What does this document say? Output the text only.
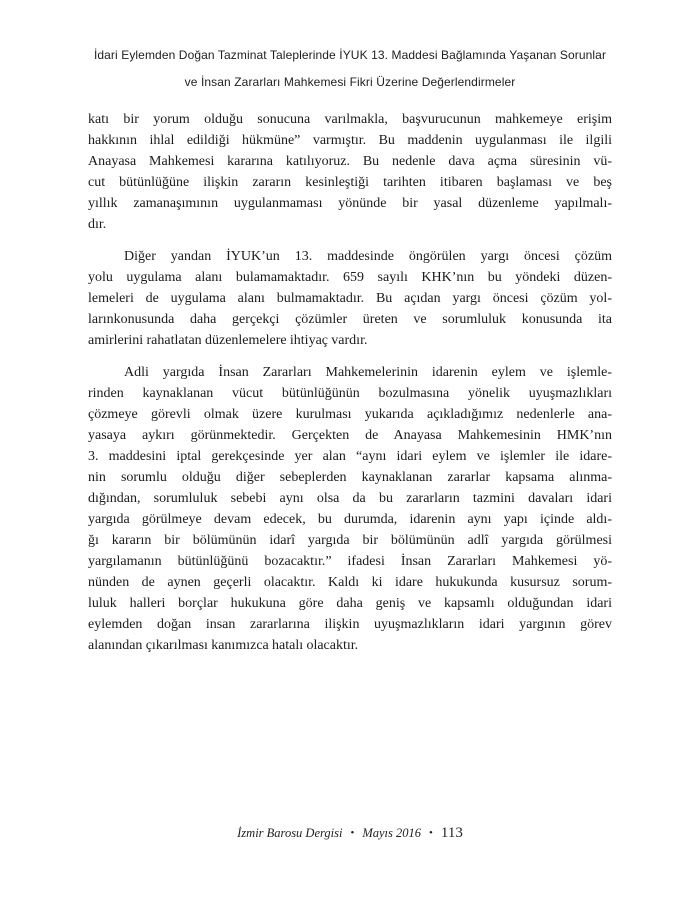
İdari Eylemden Doğan Tazminat Taleplerinde İYUK 13. Maddesi Bağlamında Yaşanan Sorunlar
ve İnsan Zararları Mahkemesi Fikri Üzerine Değerlendirmeler
katı bir yorum olduğu sonucuna varılmakla, başvurucunun mahkemeye erişim
hakkının ihlal edildiği hükmüne” varmıştır. Bu maddenin uygulanması ile ilgili
Anayasa Mahkemesi kararına katılıyoruz. Bu nedenle dava açma süresinin vü-
cut bütünlüğüne ilişkin zararın kesinleştiği tarihten itibaren başlaması ve beş
yıllık zamanaşımının uygulanmaması yönünde bir yasal düzenleme yapılmalı-
dır.
Diğer yandan İYUK’un 13. maddesinde öngörülen yargı öncesi çözüm
yolu uygulama alanı bulamamaktadır. 659 sayılı KHK’nın bu yöndeki düzen-
lemeleri de uygulama alanı bulmamaktadır. Bu açıdan yargı öncesi çözüm yol-
larınkonusunda daha gerçekçi çözümler üreten ve sorumluluk konusunda ita
amirlerini rahatlatan düzenlemelere ihtiyaç vardır.
Adli yargıda İnsan Zararları Mahkemelerinin idarenin eylem ve işlemle-
rinden kaynaklanan vücut bütünlüğünün bozulmasına yönelik uyuşmazlıkları
çözmeye görevli olmak üzere kurulması yukarıda açıkladığımız nedenlerle ana-
yasaya aykırı görünmektedir. Gerçekten de Anayasa Mahkemesinin HMK’nın
3. maddesini iptal gerekçesinde yer alan “aynı idari eylem ve işlemler ile idare-
nin sorumlu olduğu diğer sebeplerden kaynaklanan zararlar kapsama alınma-
dığından, sorumluluk sebebi aynı olsa da bu zararların tazmini davaları idari
yargıda görülmeye devam edecek, bu durumda, idarenin aynı yapı içinde aldı-
ğı kararın bir bölümünün idarî yargıda bir bölümünün adlî yargıda görülmesi
yargılamanın bütünlüğünü bozacaktır.” ifadesi İnsan Zararları Mahkemesi yö-
nünden de aynen geçerli olacaktır. Kaldı ki idare hukukunda kusursuz sorum-
luluk halleri borçlar hukukuna göre daha geniş ve kapsamlı olduğundan idari
eylemden doğan insan zararlarına ilişkin uyuşmazlıkların idari yargının görev
alanından çıkarılması kanımızca hatalı olacaktır.
İzmir Barosu Dergisi • Mayıs 2016 • 113
